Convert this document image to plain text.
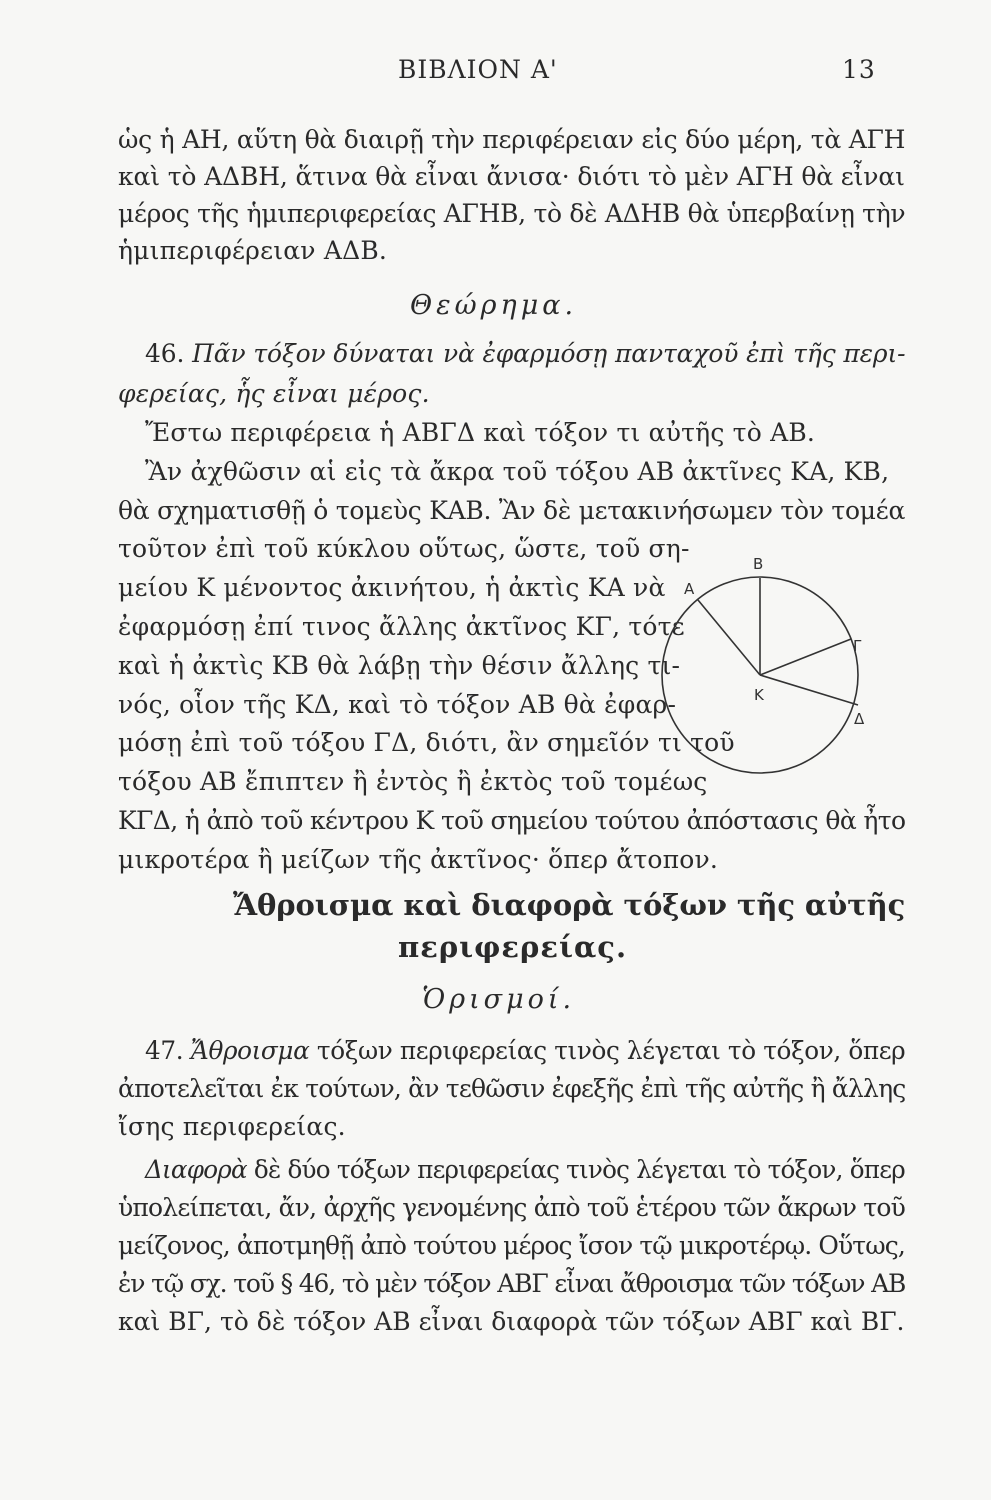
ΒΙΒΛΙΟΝ Α'	13
ὡς ἡ ΑΗ, αὕτη θὰ διαιρῇ τὴν περιφέρειαν εἰς δύο μέρη, τὰ ΑΓΗ
καὶ τὸ ΑΔΒΗ, ἅτινα θὰ εἶναι ἄνισα· διότι τὸ μὲν ΑΓΗ θὰ εἶναι
μέρος τῆς ἡμιπεριφερείας ΑΓΗΒ, τὸ δὲ ΑΔΗΒ θὰ ὑπερβαίνῃ τὴν
ἡμιπεριφέρειαν ΑΔΒ.
Θεώρημα.
46. Πᾶν τόξον δύναται νὰ ἐφαρμόσῃ πανταχοῦ ἐπὶ τῆς περι-
φερείας, ἧς εἶναι μέρος.
Ἔστω περιφέρεια ἡ ΑΒΓΔ καὶ τόξον τι αὐτῆς τὸ ΑΒ.
Ἂν ἀχθῶσιν αἱ εἰς τὰ ἄκρα τοῦ τόξου ΑΒ ἀκτῖνες ΚΑ, ΚΒ,
θὰ σχηματισθῇ ὁ τομεὺς ΚΑΒ. Ἂν δὲ μετακινήσωμεν τὸν τομέα
τοῦτον ἐπὶ τοῦ κύκλου οὕτως, ὥστε, τοῦ ση-
μείου Κ μένοντος ἀκινήτου, ἡ ἀκτὶς ΚΑ νὰ
ἐφαρμόσῃ ἐπί τινος ἄλλης ἀκτῖνος ΚΓ, τότε
καὶ ἡ ἀκτὶς ΚΒ θὰ λάβῃ τὴν θέσιν ἄλλης τι-
νός, οἷον τῆς ΚΔ, καὶ τὸ τόξον ΑΒ θὰ ἐφαρ-
μόσῃ ἐπὶ τοῦ τόξου ΓΔ, διότι, ἂν σημεῖόν τι τοῦ
τόξου ΑΒ ἔπιπτεν ἢ ἐντὸς ἢ ἐκτὸς τοῦ τομέως
ΚΓΔ, ἡ ἀπὸ τοῦ κέντρου Κ τοῦ σημείου τούτου ἀπόστασις θὰ ἦτο
μικροτέρα ἢ μείζων τῆς ἀκτῖνος· ὅπερ ἄτοπον.
B
A
Γ
K
Δ
Ἄθροισμα καὶ διαφορὰ τόξων τῆς αὐτῆς
περιφερείας.
Ὁρισμοί.
47. Ἄθροισμα τόξων περιφερείας τινὸς λέγεται τὸ τόξον, ὅπερ
ἀποτελεῖται ἐκ τούτων, ἂν τεθῶσιν ἐφεξῆς ἐπὶ τῆς αὐτῆς ἢ ἄλλης
ἴσης περιφερείας.
Διαφορὰ δὲ δύο τόξων περιφερείας τινὸς λέγεται τὸ τόξον, ὅπερ
ὑπολείπεται, ἄν, ἀρχῆς γενομένης ἀπὸ τοῦ ἑτέρου τῶν ἄκρων τοῦ
μείζονος, ἀποτμηθῇ ἀπὸ τούτου μέρος ἴσον τῷ μικροτέρῳ. Οὕτως,
ἐν τῷ σχ. τοῦ § 46, τὸ μὲν τόξον ΑΒΓ εἶναι ἄθροισμα τῶν τόξων ΑΒ
καὶ ΒΓ, τὸ δὲ τόξον ΑΒ εἶναι διαφορὰ τῶν τόξων ΑΒΓ καὶ ΒΓ.
